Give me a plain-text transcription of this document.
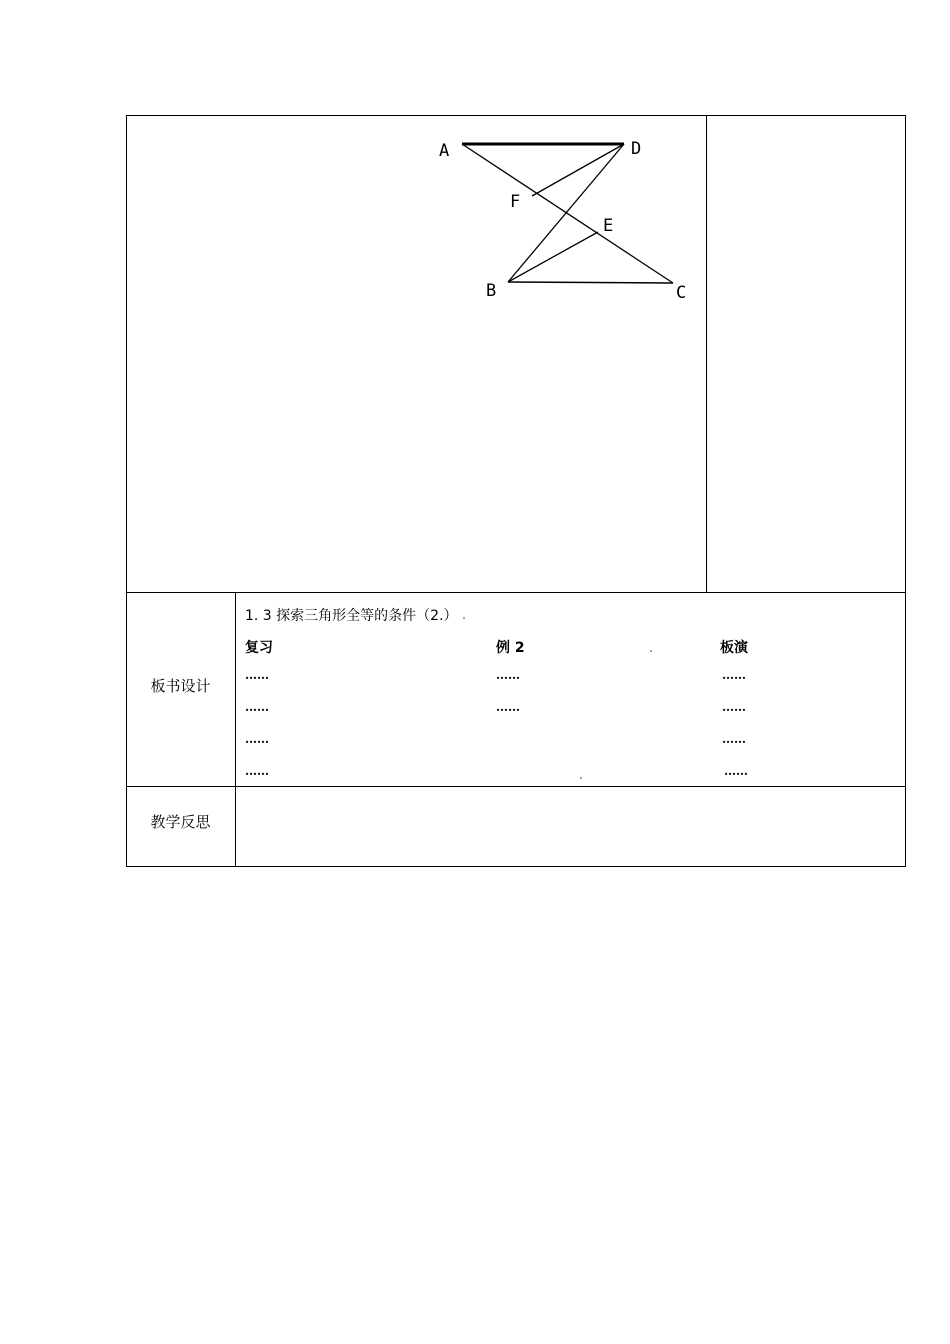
A	D
F
E
B	C
板书设计
1. 3 探索三角形全等的条件（2.）
复习
……
……
……
……
例 2
……
……
板演
……
……
……
……
教学反思
